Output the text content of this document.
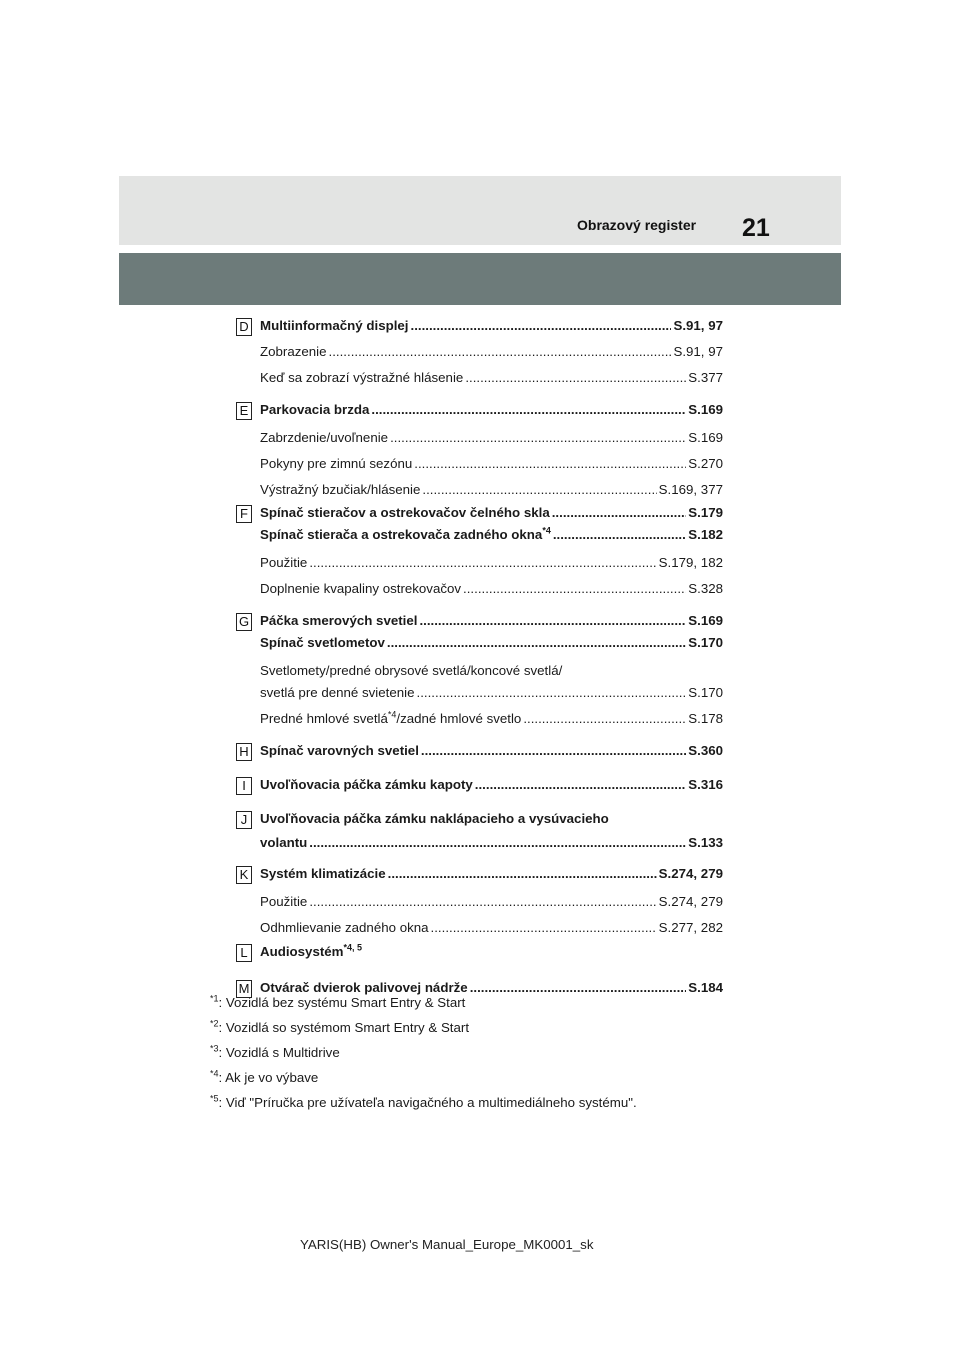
Obrazový register 21
D Multiinformačný displej .....	S.91, 97
Zobrazenie .....	S.91, 97
Keď sa zobrazí výstražné hlásenie .....	S.377
E Parkovacia brzda .....	S.169
Zabrzdenie/uvoľnenie .....	S.169
Pokyny pre zimnú sezónu .....	S.270
Výstražný bzučiak/hlásenie .....	S.169, 377
F Spínač stieračov a ostrekovačov čelného skla .....	S.179
Spínač stierača a ostrekovača zadného okna$^{*4}$ .....	S.182
Použitie .....	S.179, 182
Doplnenie kvapaliny ostrekovačov .....	S.328
G Páčka smerových svetiel .....	S.169
Spínač svetlometov .....	S.170
Svetlomety/predné obrysové svetlá/koncové svetlá/
svetlá pre denné svietenie .....	S.170
Predné hmlové svetlá$^{*4}$/zadné hmlové svetlo .....	S.178
H Spínač varovných svetiel .....	S.360
I	Uvoľňovacia páčka zámku kapoty .....	S.316
J Uvoľňovacia páčka zámku naklápacieho a vysúvacieho
volantu .....	S.133
K Systém klimatizácie .....	S.274, 279
Použitie .....	S.274, 279
Odhmlievanie zadného okna .....	S.277, 282
L Audiosystém$^{*4, 5}$
M Otvárač dvierok palivovej nádrže .....	S.184
$^{*1}$: Vozidlá bez systému Smart Entry & Start
$^{*2}$: Vozidlá so systémom Smart Entry & Start
$^{*3}$: Vozidlá s Multidrive
$^{*4}$: Ak je vo výbave
$^{*5}$: Viď "Príručka pre užívateľa navigačného a multimediálneho systému".
YARIS(HB) Owner's Manual_Europe_MK0001_sk
